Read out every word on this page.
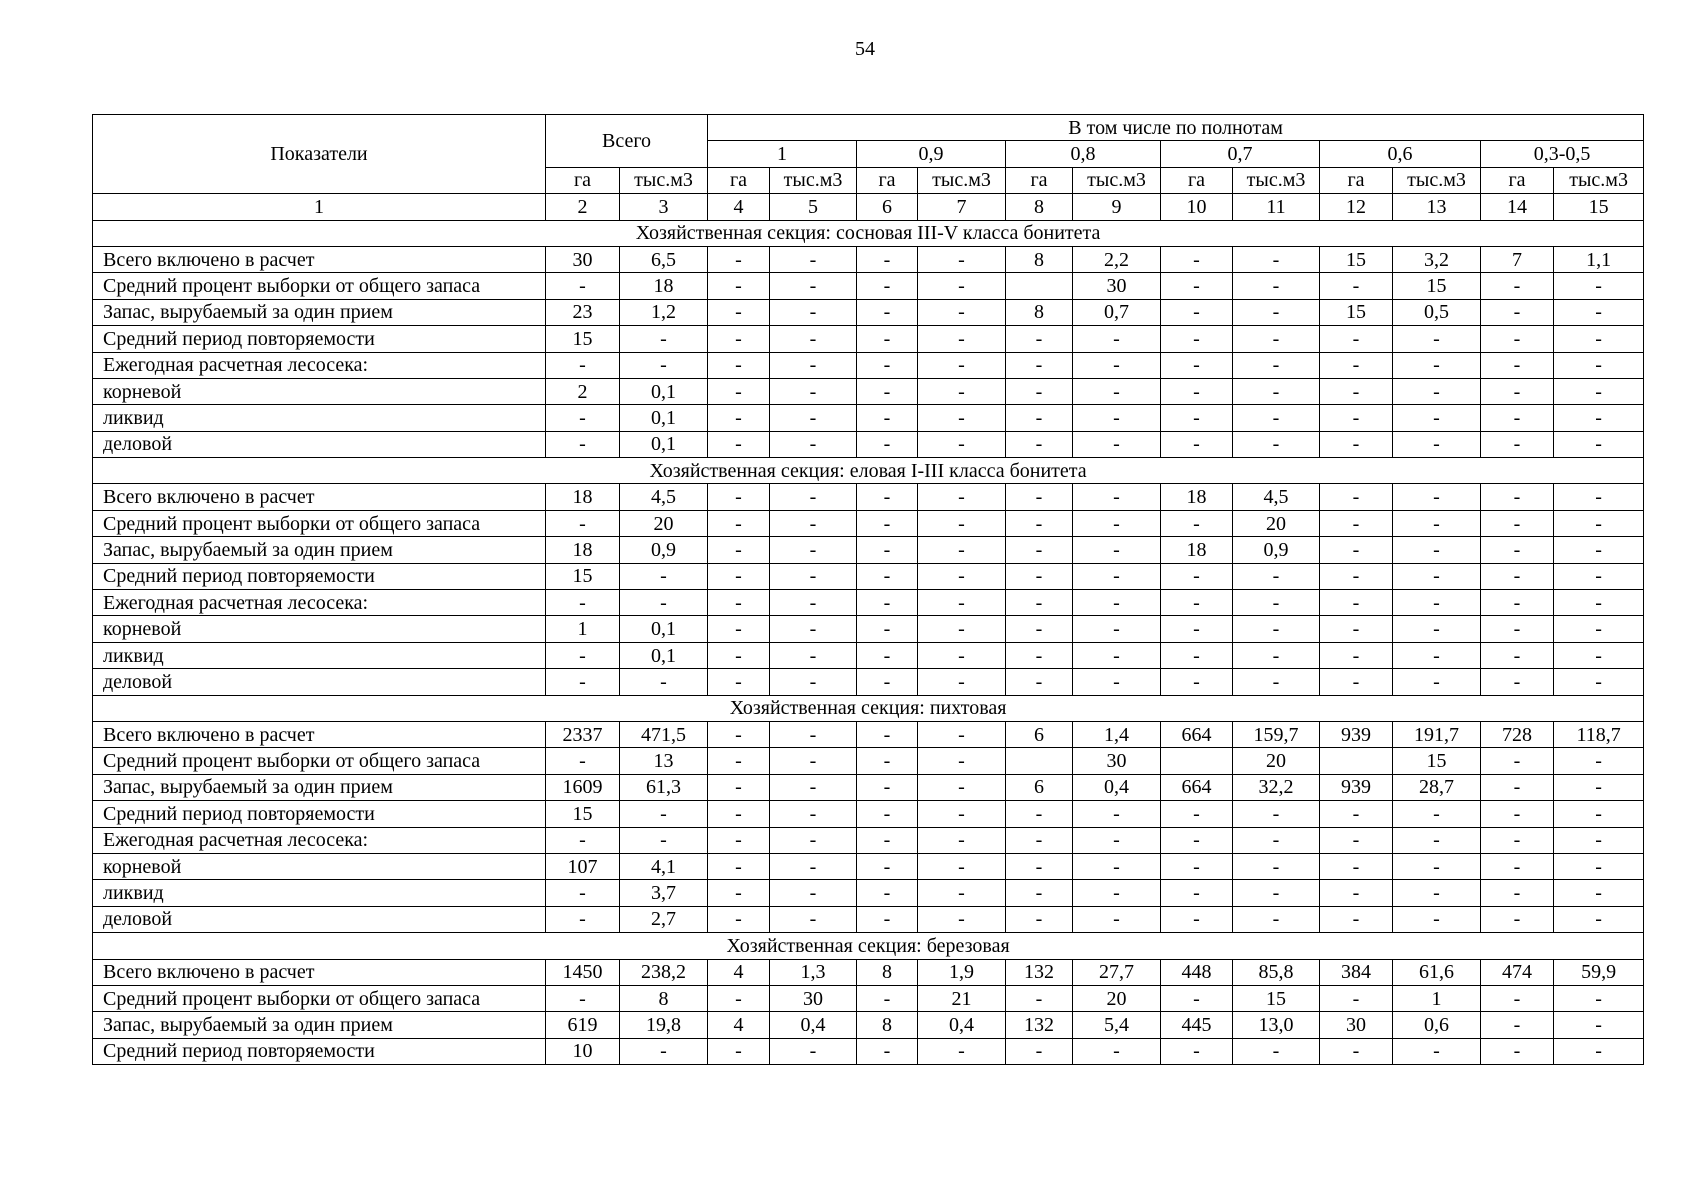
54
Показатели	Всего		В том числе по полнотам											
			1		0,9		0,8		0,7		0,6		0,3-0,5	
	га	тыс.м3	га	тыс.м3	га	тыс.м3	га	тыс.м3	га	тыс.м3	га	тыс.м3	га	тыс.м3
1	2	3	4	5	6	7	8	9	10	11	12	13	14	15
Хозяйственная секция: сосновая III-V класса бонитета														
Всего включено в расчет	30	6,5	-	-	-	-	8	2,2	-	-	15	3,2	7	1,1
Средний процент выборки от общего запаса	-	18	-	-	-	-		30	-	-	-	15	-	-
Запас, вырубаемый за один прием	23	1,2	-	-	-	-	8	0,7	-	-	15	0,5	-	-
Средний период повторяемости	15	-	-	-	-	-	-	-	-	-	-	-	-	-
Ежегодная расчетная лесосека:	-	-	-	-	-	-	-	-	-	-	-	-	-	-
корневой	2	0,1	-	-	-	-	-	-	-	-	-	-	-	-
ликвид	-	0,1	-	-	-	-	-	-	-	-	-	-	-	-
деловой	-	0,1	-	-	-	-	-	-	-	-	-	-	-	-
Хозяйственная секция: еловая I-III класса бонитета														
Всего включено в расчет	18	4,5	-	-	-	-	-	-	18	4,5	-	-	-	-
Средний процент выборки от общего запаса	-	20	-	-	-	-	-	-	-	20	-	-	-	-
Запас, вырубаемый за один прием	18	0,9	-	-	-	-	-	-	18	0,9	-	-	-	-
Средний период повторяемости	15	-	-	-	-	-	-	-	-	-	-	-	-	-
Ежегодная расчетная лесосека:	-	-	-	-	-	-	-	-	-	-	-	-	-	-
корневой	1	0,1	-	-	-	-	-	-	-	-	-	-	-	-
ликвид	-	0,1	-	-	-	-	-	-	-	-	-	-	-	-
деловой	-	-	-	-	-	-	-	-	-	-	-	-	-	-
Хозяйственная секция: пихтовая														
Всего включено в расчет	2337	471,5	-	-	-	-	6	1,4	664	159,7	939	191,7	728	118,7
Средний процент выборки от общего запаса	-	13	-	-	-	-		30		20		15	-	-
Запас, вырубаемый за один прием	1609	61,3	-	-	-	-	6	0,4	664	32,2	939	28,7	-	-
Средний период повторяемости	15	-	-	-	-	-	-	-	-	-	-	-	-	-
Ежегодная расчетная лесосека:	-	-	-	-	-	-	-	-	-	-	-	-	-	-
корневой	107	4,1	-	-	-	-	-	-	-	-	-	-	-	-
ликвид	-	3,7	-	-	-	-	-	-	-	-	-	-	-	-
деловой	-	2,7	-	-	-	-	-	-	-	-	-	-	-	-
Хозяйственная секция: березовая														
Всего включено в расчет	1450	238,2	4	1,3	8	1,9	132	27,7	448	85,8	384	61,6	474	59,9
Средний процент выборки от общего запаса	-	8	-	30	-	21	-	20	-	15	-	1	-	-
Запас, вырубаемый за один прием	619	19,8	4	0,4	8	0,4	132	5,4	445	13,0	30	0,6	-	-
Средний период повторяемости	10	-	-	-	-	-	-	-	-	-	-	-	-	-
